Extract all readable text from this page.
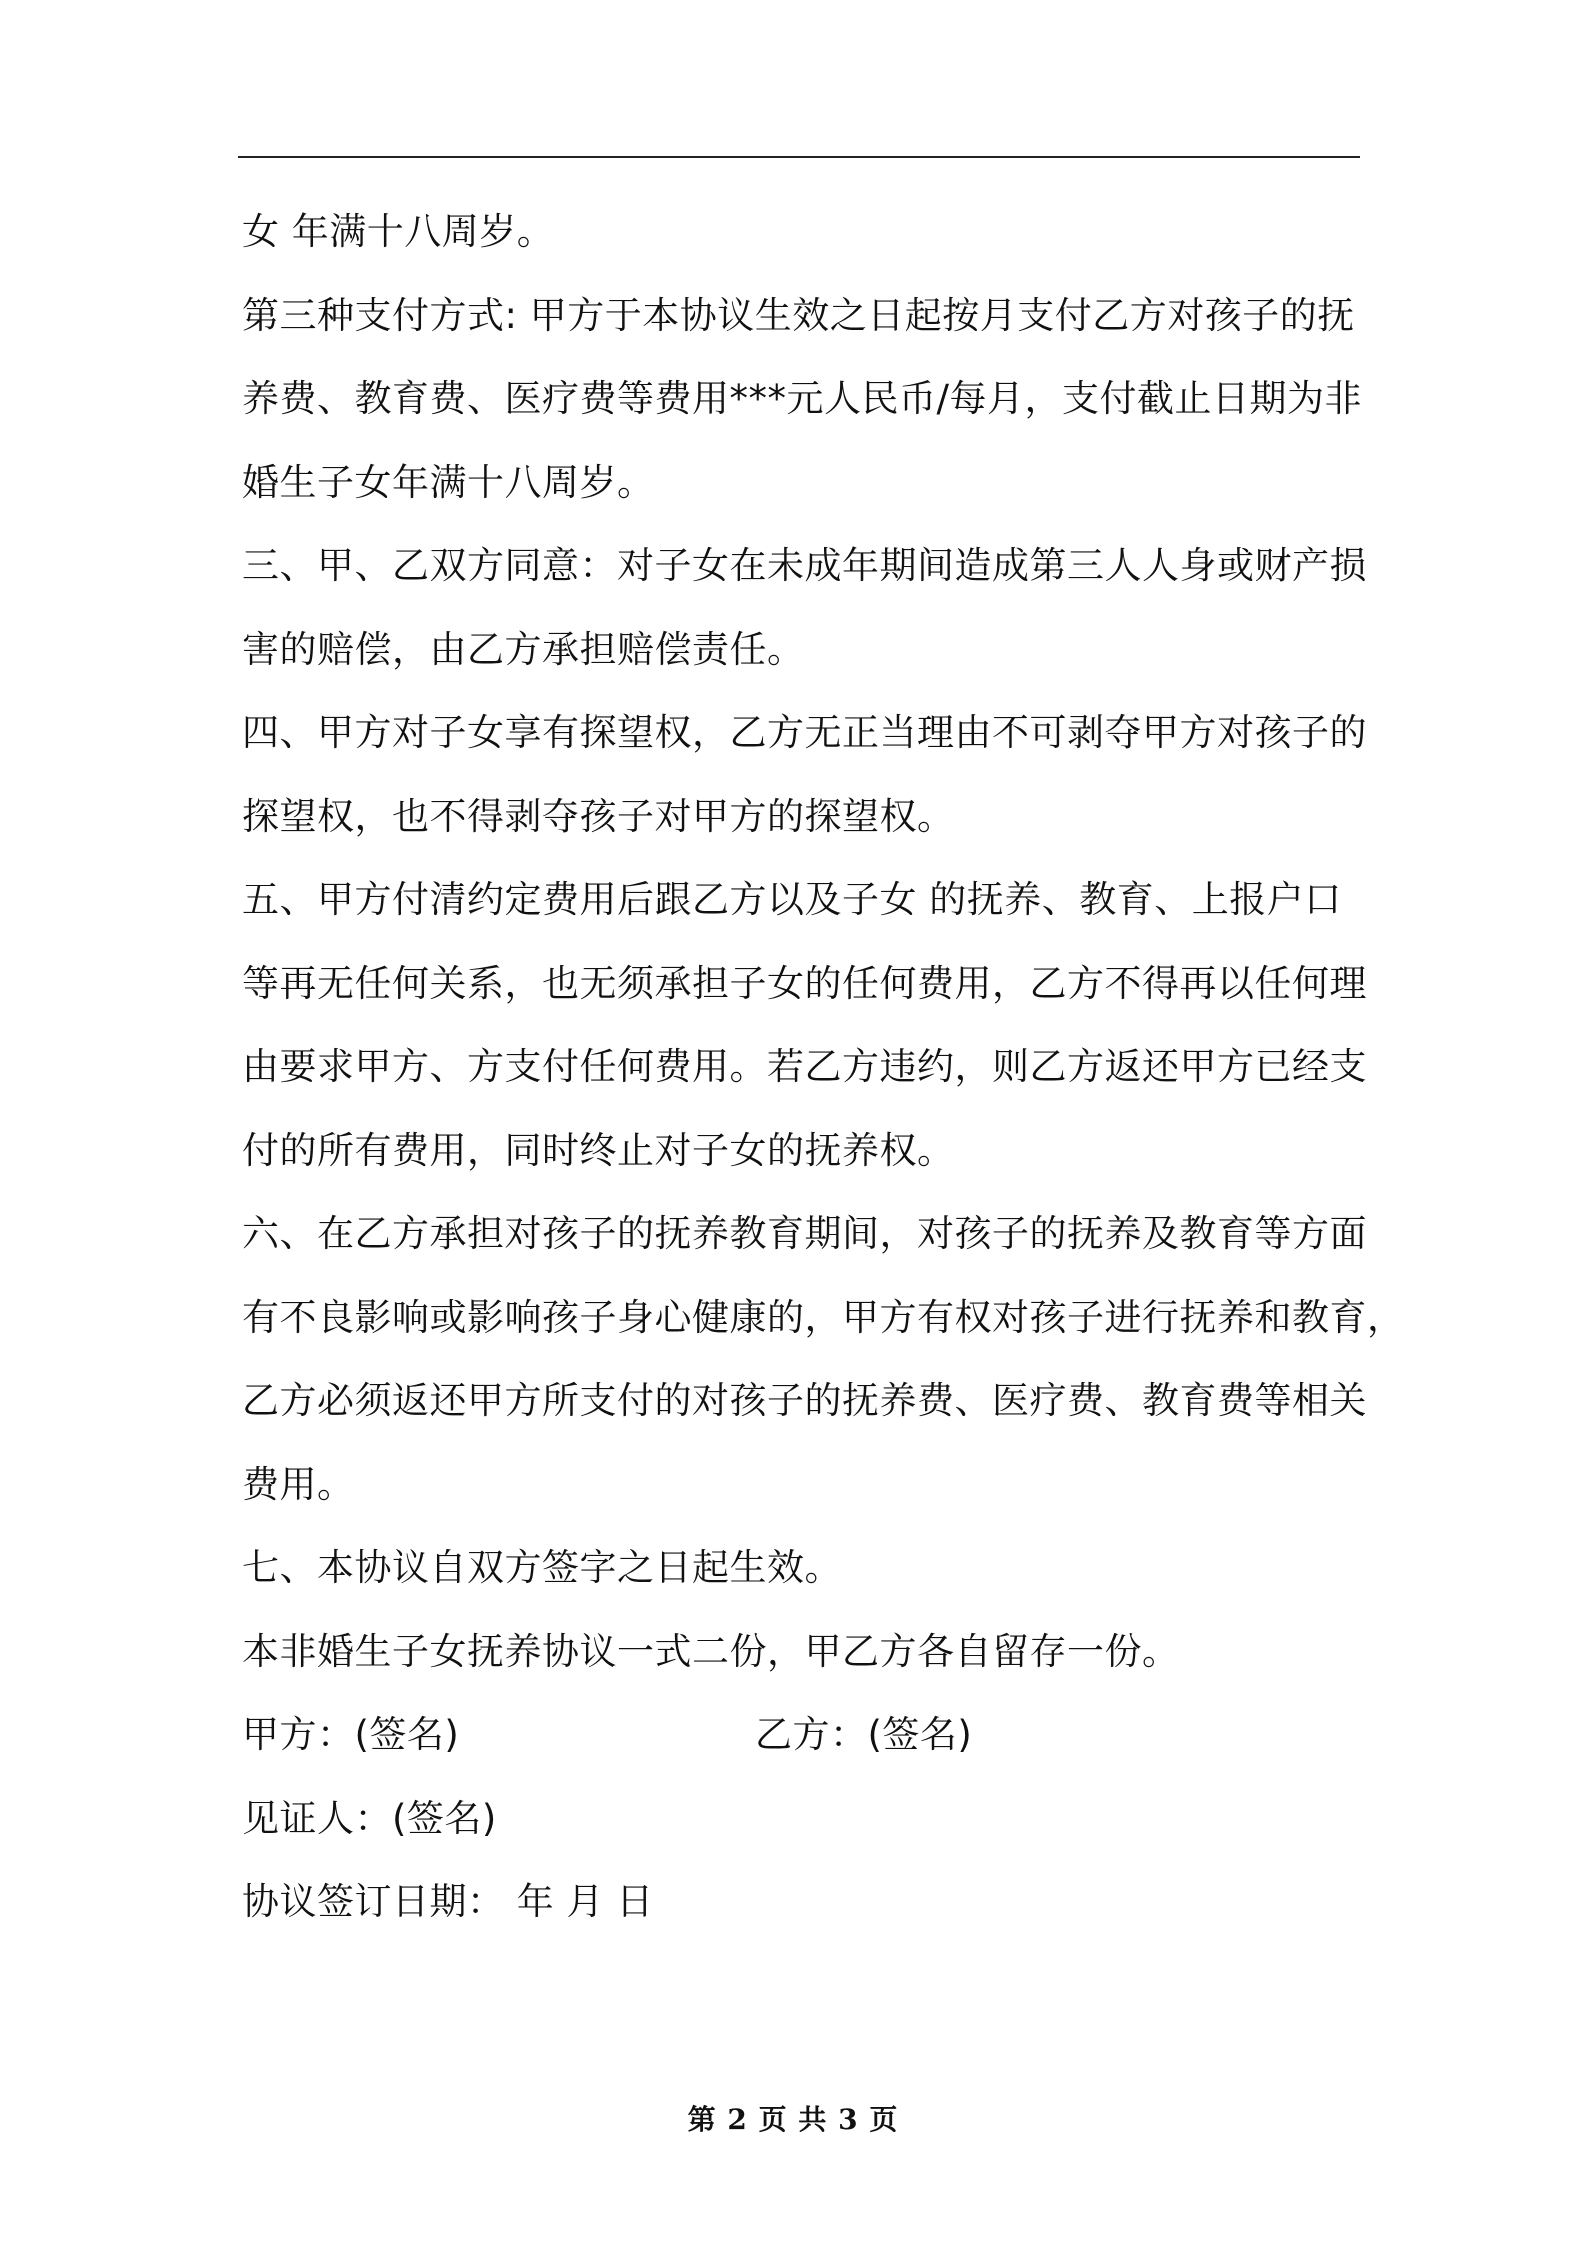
女 年满十八周岁。
第三种支付方式: 甲方于本协议生效之日起按月支付乙方对孩子的抚
养费、教育费、医疗费等费用***元人民币/每月，支付截止日期为非
婚生子女年满十八周岁。
三、甲、乙双方同意：对子女在未成年期间造成第三人人身或财产损
害的赔偿，由乙方承担赔偿责任。
四、甲方对子女享有探望权，乙方无正当理由不可剥夺甲方对孩子的
探望权，也不得剥夺孩子对甲方的探望权。
五、甲方付清约定费用后跟乙方以及子女 的抚养、教育、上报户口
等再无任何关系，也无须承担子女的任何费用，乙方不得再以任何理
由要求甲方、方支付任何费用。若乙方违约，则乙方返还甲方已经支
付的所有费用，同时终止对子女的抚养权。
六、在乙方承担对孩子的抚养教育期间，对孩子的抚养及教育等方面
有不良影响或影响孩子身心健康的，甲方有权对孩子进行抚养和教育，
乙方必须返还甲方所支付的对孩子的抚养费、医疗费、教育费等相关
费用。
七、本协议自双方签字之日起生效。
本非婚生子女抚养协议一式二份，甲乙方各自留存一份。
甲方：(签名)	乙方：(签名)
见证人：(签名)
协议签订日期： 年 月 日
第 2 页 共 3 页
